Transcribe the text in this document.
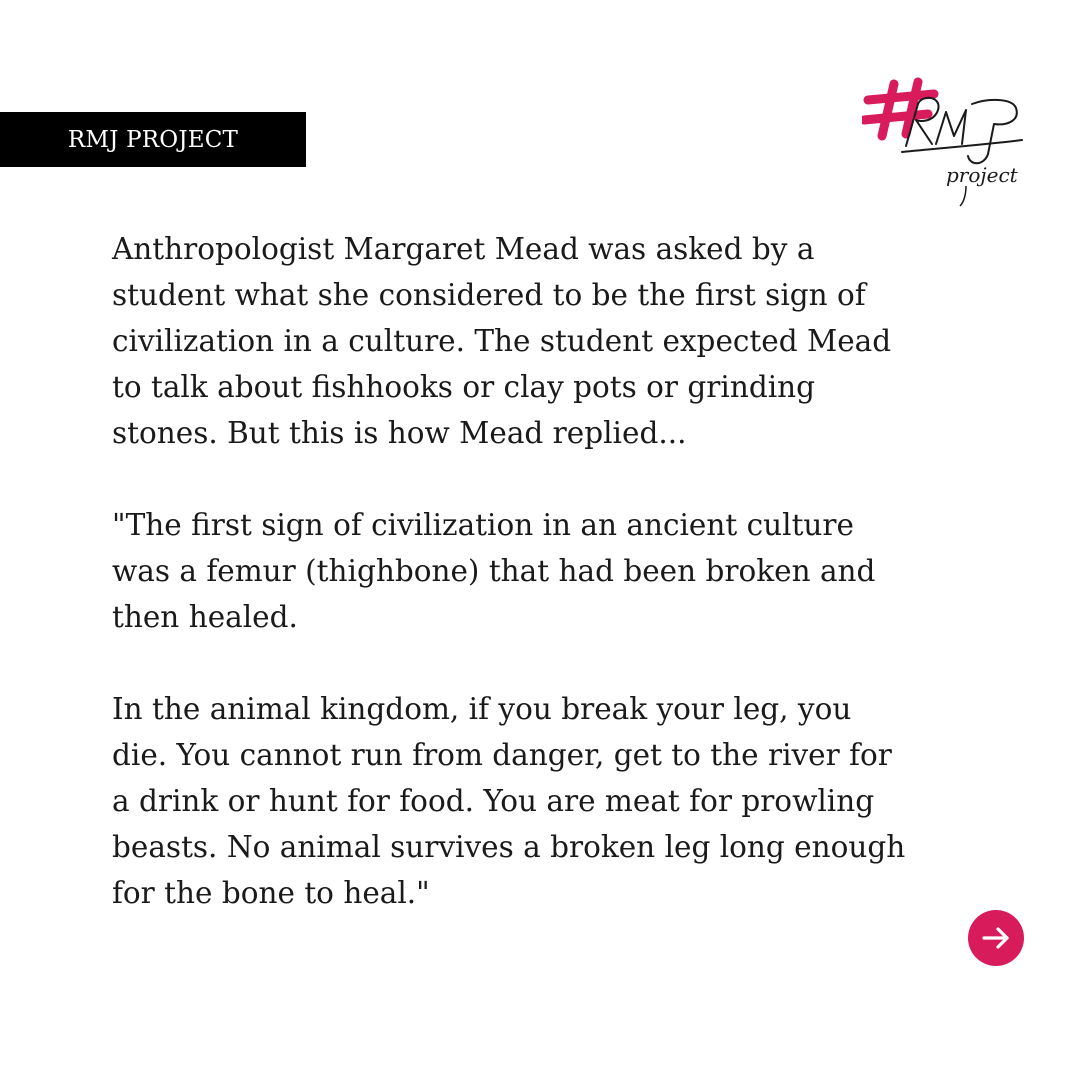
RMJ PROJECT
project

Anthropologist Margaret Mead was asked by a
student what she considered to be the first sign of
civilization in a culture. The student expected Mead
to talk about fishhooks or clay pots or grinding
stones. But this is how Mead replied...

"The first sign of civilization in an ancient culture
was a femur (thighbone) that had been broken and
then healed.

In the animal kingdom, if you break your leg, you
die. You cannot run from danger, get to the river for
a drink or hunt for food. You are meat for prowling
beasts. No animal survives a broken leg long enough
for the bone to heal."
